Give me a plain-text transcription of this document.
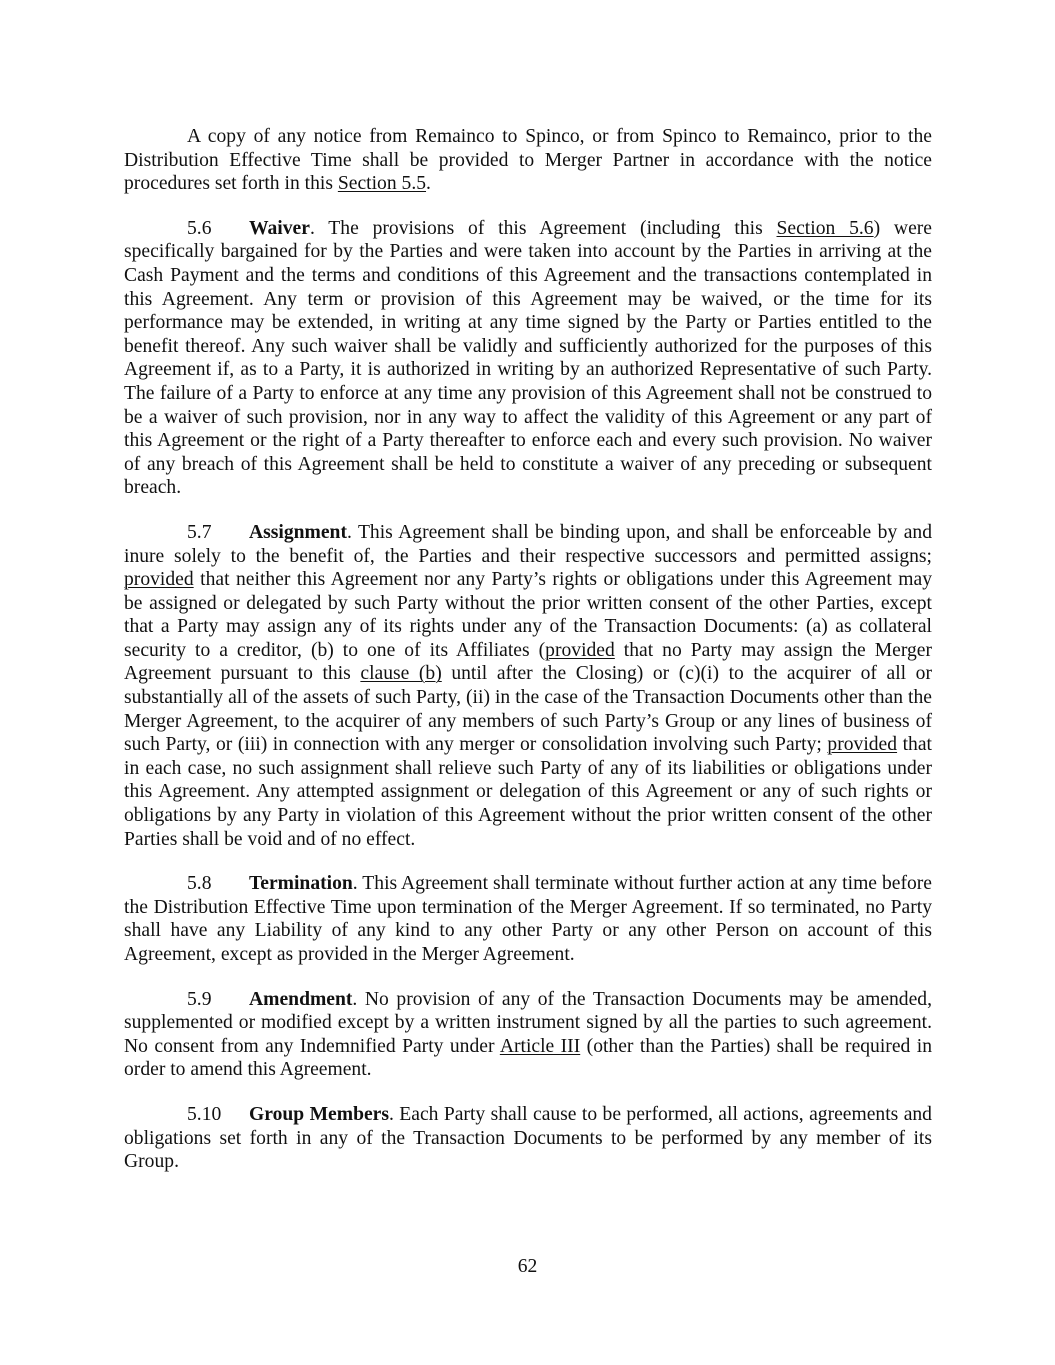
A copy of any notice from Remainco to Spinco, or from Spinco to Remainco, prior to the Distribution Effective Time shall be provided to Merger Partner in accordance with the notice procedures set forth in this Section 5.5.

5.6 Waiver. The provisions of this Agreement (including this Section 5.6) were specifically bargained for by the Parties and were taken into account by the Parties in arriving at the Cash Payment and the terms and conditions of this Agreement and the transactions contemplated in this Agreement. Any term or provision of this Agreement may be waived, or the time for its performance may be extended, in writing at any time signed by the Party or Parties entitled to the benefit thereof. Any such waiver shall be validly and sufficiently authorized for the purposes of this Agreement if, as to a Party, it is authorized in writing by an authorized Representative of such Party. The failure of a Party to enforce at any time any provision of this Agreement shall not be construed to be a waiver of such provision, nor in any way to affect the validity of this Agreement or any part of this Agreement or the right of a Party thereafter to enforce each and every such provision. No waiver of any breach of this Agreement shall be held to constitute a waiver of any preceding or subsequent breach.

5.7 Assignment. This Agreement shall be binding upon, and shall be enforceable by and inure solely to the benefit of, the Parties and their respective successors and permitted assigns; provided that neither this Agreement nor any Party’s rights or obligations under this Agreement may be assigned or delegated by such Party without the prior written consent of the other Parties, except that a Party may assign any of its rights under any of the Transaction Documents: (a) as collateral security to a creditor, (b) to one of its Affiliates (provided that no Party may assign the Merger Agreement pursuant to this clause (b) until after the Closing) or (c)(i) to the acquirer of all or substantially all of the assets of such Party, (ii) in the case of the Transaction Documents other than the Merger Agreement, to the acquirer of any members of such Party’s Group or any lines of business of such Party, or (iii) in connection with any merger or consolidation involving such Party; provided that in each case, no such assignment shall relieve such Party of any of its liabilities or obligations under this Agreement. Any attempted assignment or delegation of this Agreement or any of such rights or obligations by any Party in violation of this Agreement without the prior written consent of the other Parties shall be void and of no effect.

5.8 Termination. This Agreement shall terminate without further action at any time before the Distribution Effective Time upon termination of the Merger Agreement. If so terminated, no Party shall have any Liability of any kind to any other Party or any other Person on account of this Agreement, except as provided in the Merger Agreement.

5.9 Amendment. No provision of any of the Transaction Documents may be amended, supplemented or modified except by a written instrument signed by all the parties to such agreement. No consent from any Indemnified Party under Article III (other than the Parties) shall be required in order to amend this Agreement.

5.10 Group Members. Each Party shall cause to be performed, all actions, agreements and obligations set forth in any of the Transaction Documents to be performed by any member of its Group.

62
